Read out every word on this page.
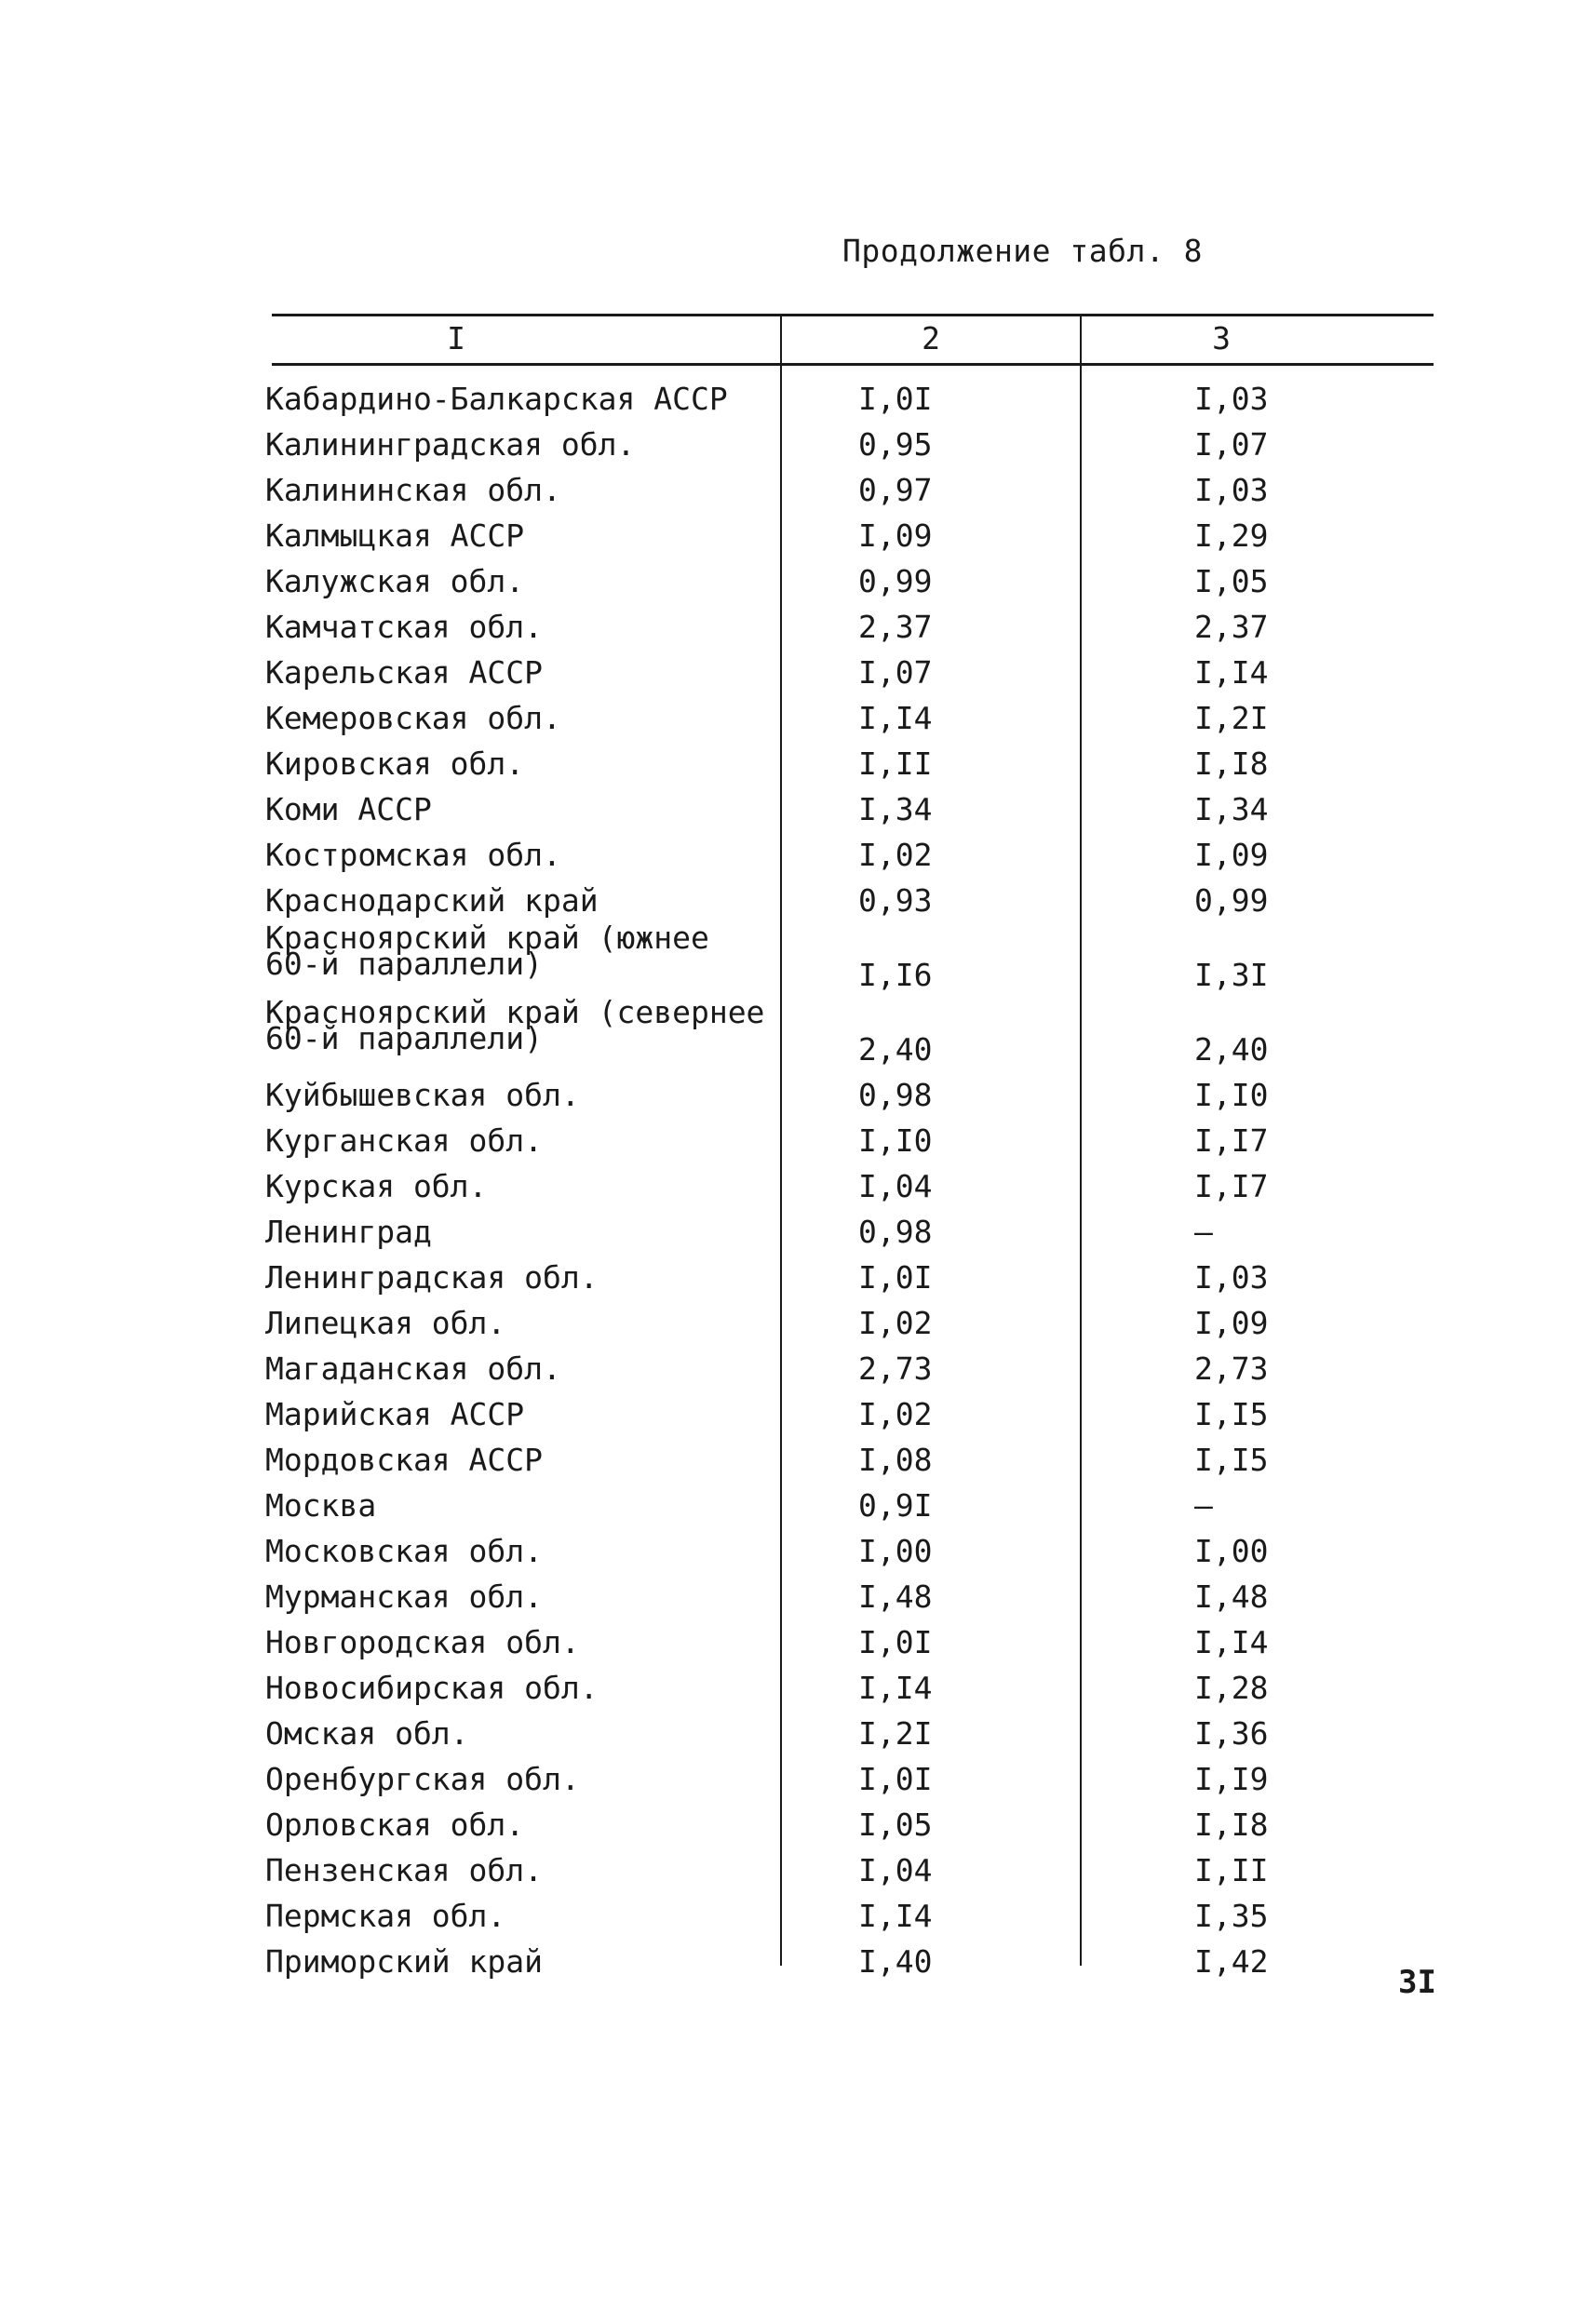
Продолжение табл. 8
I	2	3
Кабардино-Балкарская АССР	I,0I	I,03
Калининградская обл.	0,95	I,07
Калининская обл.	0,97	I,03
Калмыцкая АССР	I,09	I,29
Калужская обл.	0,99	I,05
Камчатская обл.	2,37	2,37
Карельская АССР	I,07	I,I4
Кемеровская обл.	I,I4	I,2I
Кировская обл.	I,II	I,I8
Коми АССР	I,34	I,34
Костромская обл.	I,02	I,09
Краснодарский край	0,93	0,99
Красноярский край (южнее 60-й параллели)	I,I6	I,3I
Красноярский край (севернее 60-й параллели)	2,40	2,40
Куйбышевская обл.	0,98	I,I0
Курганская обл.	I,I0	I,I7
Курская обл.	I,04	I,I7
Ленинград	0,98	–
Ленинградская обл.	I,0I	I,03
Липецкая обл.	I,02	I,09
Магаданская обл.	2,73	2,73
Марийская АССР	I,02	I,I5
Мордовская АССР	I,08	I,I5
Москва	0,9I	–
Московская обл.	I,00	I,00
Мурманская обл.	I,48	I,48
Новгородская обл.	I,0I	I,I4
Новосибирская обл.	I,I4	I,28
Омская обл.	I,2I	I,36
Оренбургская обл.	I,0I	I,I9
Орловская обл.	I,05	I,I8
Пензенская обл.	I,04	I,II
Пермская обл.	I,I4	I,35
Приморский край	I,40	I,42
3I
